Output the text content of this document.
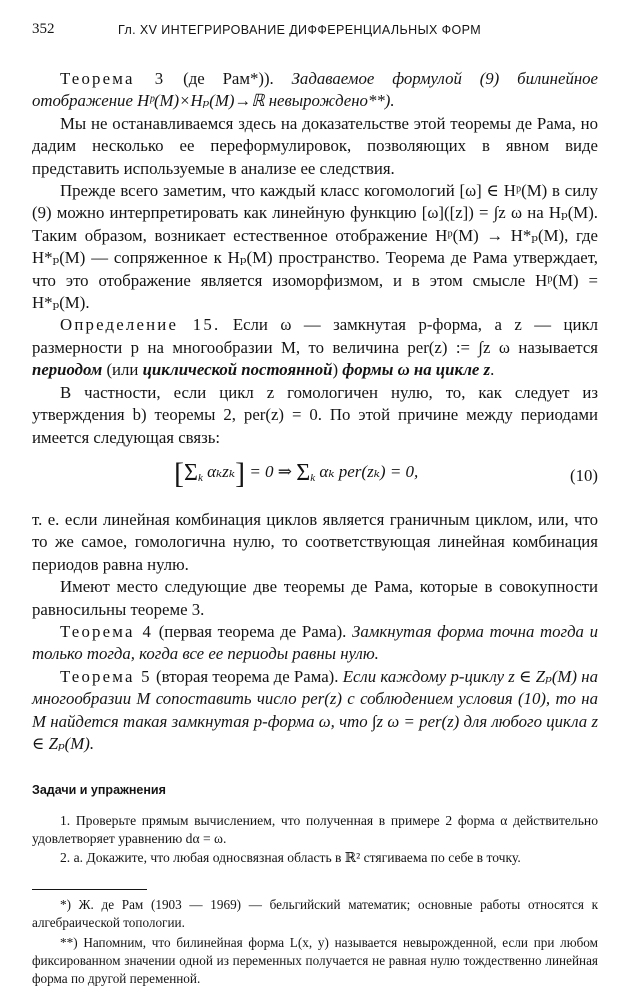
352	Гл. XV ИНТЕГРИРОВАНИЕ ДИФФЕРЕНЦИАЛЬНЫХ ФОРМ

Теорема 3 (де Рам*)). Задаваемое формулой (9) билинейное отображение Hᵖ(M)×Hₚ(M)→ℝ невырождено**).

Мы не останавливаемся здесь на доказательстве этой теоремы де Рама, но дадим несколько ее переформулировок, позволяющих в явном виде представить используемые в анализе ее следствия.

Прежде всего заметим, что каждый класс когомологий [ω] ∈ Hᵖ(M) в силу (9) можно интерпретировать как линейную функцию [ω]([z]) = ∫z ω на Hₚ(M). Таким образом, возникает естественное отображение Hᵖ(M) → H*ₚ(M), где H*ₚ(M) — сопряженное к Hₚ(M) пространство. Теорема де Рама утверждает, что это отображение является изоморфизмом, и в этом смысле Hᵖ(M) = H*ₚ(M).

Определение 15. Если ω — замкнутая p-форма, а z — цикл размерности p на многообразии M, то величина per(z) := ∫z ω называется периодом (или циклической постоянной) формы ω на цикле z.

В частности, если цикл z гомологичен нулю, то, как следует из утверждения b) теоремы 2, per(z) = 0. По этой причине между периодами имеется следующая связь:

[$\Sigma_k$ αₖzₖ] = 0 ⇒ $\Sigma_k$ αₖ per(zₖ) = 0,	(10)

т. е. если линейная комбинация циклов является граничным циклом, или, что то же самое, гомологична нулю, то соответствующая линейная комбинация периодов равна нулю.

Имеют место следующие две теоремы де Рама, которые в совокупности равносильны теореме 3.

Теорема 4 (первая теорема де Рама). Замкнутая форма точна тогда и только тогда, когда все ее периоды равны нулю.

Теорема 5 (вторая теорема де Рама). Если каждому p-циклу z ∈ Zₚ(M) на многообразии M сопоставить число per(z) с соблюдением условия (10), то на M найдется такая замкнутая p-форма ω, что ∫z ω = per(z) для любого цикла z ∈ Zₚ(M).

Задачи и упражнения

1. Проверьте прямым вычислением, что полученная в примере 2 форма α действительно удовлетворяет уравнению dα = ω.

2. а. Докажите, что любая односвязная область в ℝ² стягиваема по себе в точку.

*) Ж. де Рам (1903 — 1969) — бельгийский математик; основные работы относятся к алгебраической топологии.

**) Напомним, что билинейная форма L(x, y) называется невырожденной, если при любом фиксированном значении одной из переменных получается не равная нулю тождественно линейная форма по другой переменной.
